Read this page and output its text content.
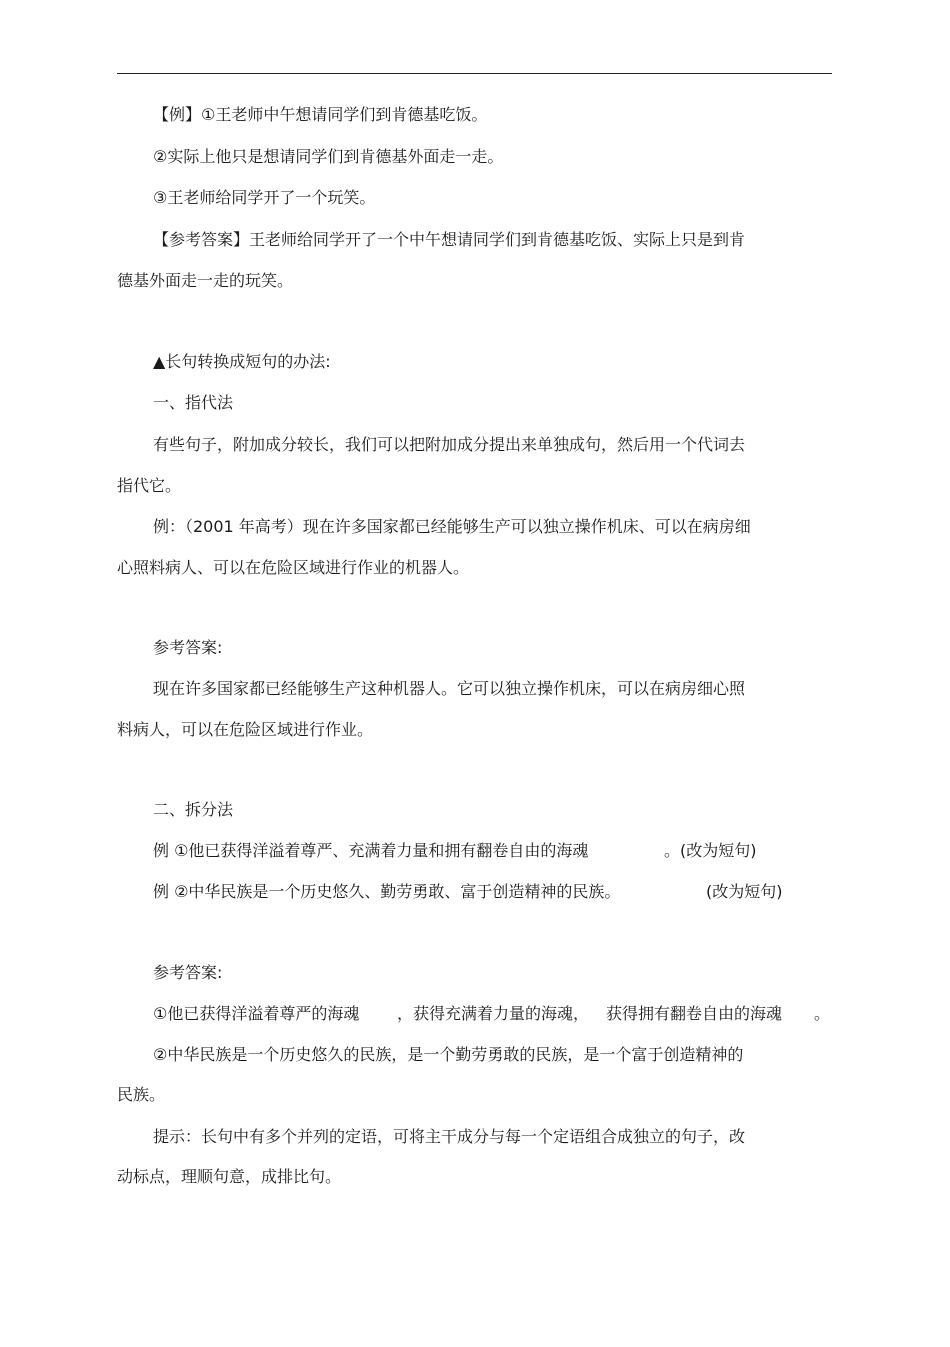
【例】①王老师中午想请同学们到肯德基吃饭。
②实际上他只是想请同学们到肯德基外面走一走。
③王老师给同学开了一个玩笑。
【参考答案】王老师给同学开了一个中午想请同学们到肯德基吃饭、实际上只是到肯
德基外面走一走的玩笑。
▲长句转换成短句的办法:
一、指代法
有些句子，附加成分较长，我们可以把附加成分提出来单独成句，然后用一个代词去
指代它。
例：（2001 年高考）现在许多国家都已经能够生产可以独立操作机床、可以在病房细
心照料病人、可以在危险区域进行作业的机器人。
参考答案:
现在许多国家都已经能够生产这种机器人。它可以独立操作机床，可以在病房细心照
料病人，可以在危险区域进行作业。
二、拆分法
例 ①他已获得洋溢着尊严、充满着力量和拥有翻卷自由的海魂	。(改为短句)
例 ②中华民族是一个历史悠久、勤劳勇敢、富于创造精神的民族。	(改为短句)
参考答案:
①他已获得洋溢着尊严的海魂 ，获得充满着力量的海魂， 获得拥有翻卷自由的海魂 。
②中华民族是一个历史悠久的民族，是一个勤劳勇敢的民族，是一个富于创造精神的
民族。
提示：长句中有多个并列的定语，可将主干成分与每一个定语组合成独立的句子，改
动标点，理顺句意，成排比句。
